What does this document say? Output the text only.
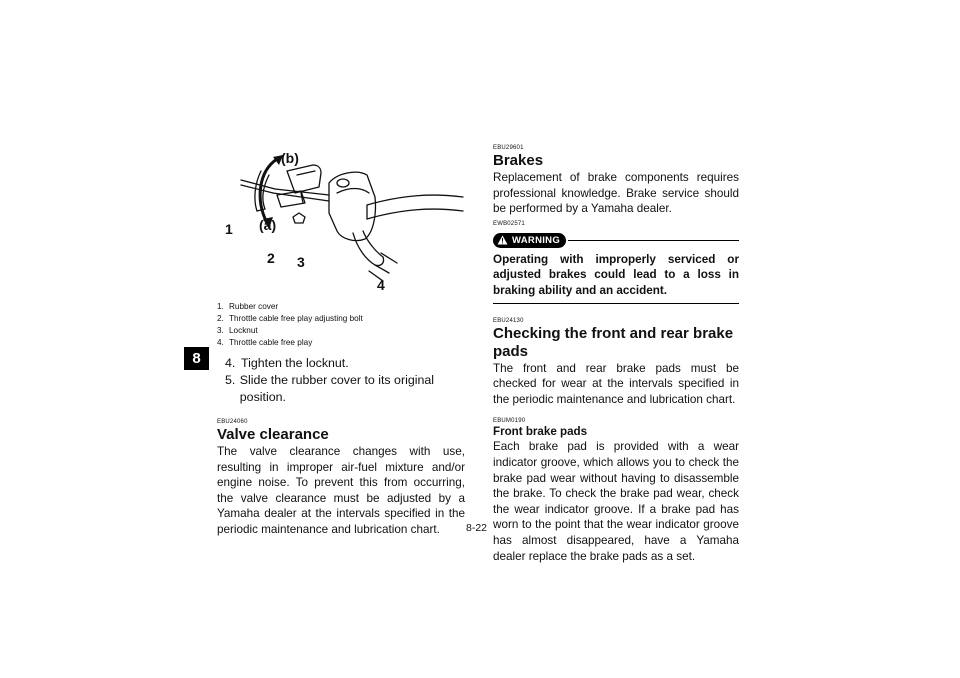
8
(b)
(a)
1
2 3
4
1. Rubber cover
2. Throttle cable free play adjusting bolt
3. Locknut
4. Throttle cable free play
4. Tighten the locknut.
5. Slide the rubber cover to its original position.
EBU24060
Valve clearance

The valve clearance changes with use, resulting in improper air-fuel mixture and/or engine noise. To prevent this from occurring, the valve clearance must be adjusted by a Yamaha dealer at the intervals specified in the periodic maintenance and lubrication chart.

EBU29601
Brakes

Replacement of brake components requires professional knowledge. Brake service should be performed by a Yamaha dealer.

EWB02571
WARNING
Operating with improperly serviced or adjusted brakes could lead to a loss in braking ability and an accident.
EBU24130
Checking the front and rear brake pads

The front and rear brake pads must be checked for wear at the intervals specified in the periodic maintenance and lubrication chart.

EBUM0190
Front brake pads

Each brake pad is provided with a wear indicator groove, which allows you to check the brake pad wear without having to disassemble the brake. To check the brake pad wear, check the wear indicator groove. If a brake pad has worn to the point that the wear indicator groove has almost disappeared, have a Yamaha dealer replace the brake pads as a set.

8-22
